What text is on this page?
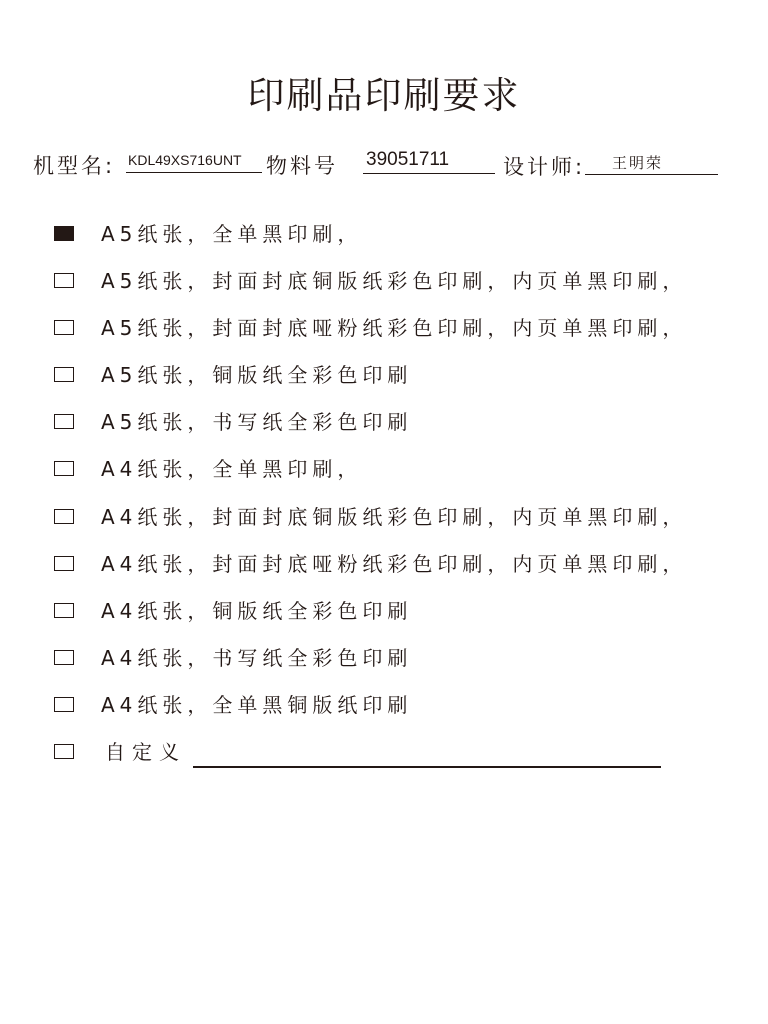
印刷品印刷要求
机型名: KDL49XS716UNT 物料号 39051711	设计师: 王明荣
A5纸张，全单黑印刷，
A5纸张，封面封底铜版纸彩色印刷，内页单黑印刷，
A5纸张，封面封底哑粉纸彩色印刷，内页单黑印刷，
A5纸张，铜版纸全彩色印刷
A5纸张，书写纸全彩色印刷
A4纸张，全单黑印刷，
A4纸张，封面封底铜版纸彩色印刷，内页单黑印刷，
A4纸张，封面封底哑粉纸彩色印刷，内页单黑印刷，
A4纸张，铜版纸全彩色印刷
A4纸张，书写纸全彩色印刷
A4纸张，全单黑铜版纸印刷
自定义
